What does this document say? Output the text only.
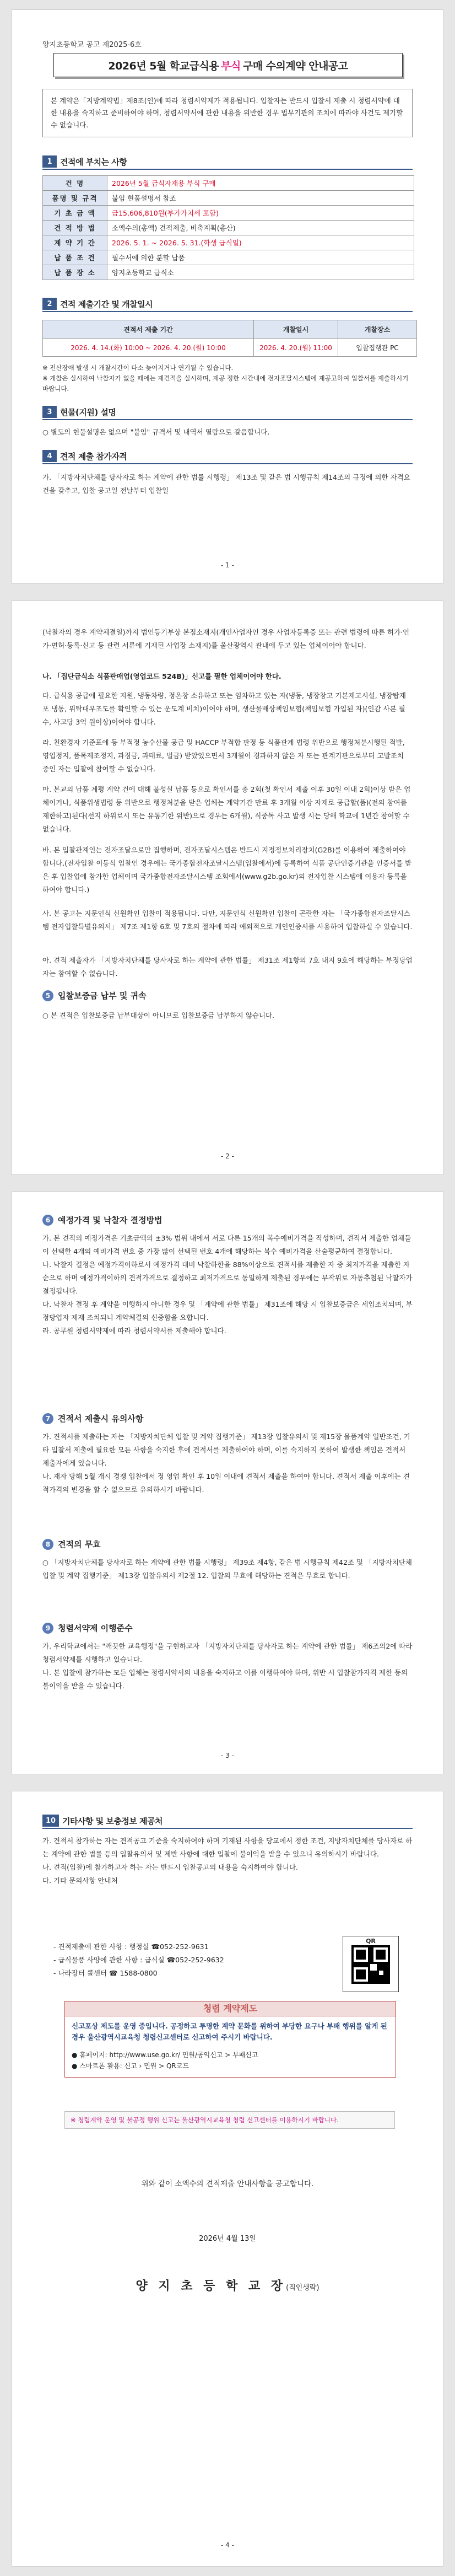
양지초등학교 공고 제2025-6호
2026년 5월 학교급식용 부식 구매 수의계약 안내공고
본 계약은「지방계약법」제8조(인)에 따라 청렴서약제가 적용됩니다. 입찰자는 반드시 입찰서 제출 시 청렴서약에 대한 내용을 숙지하고 준비하여야 하며, 청렴서약서에 관한 내용을 위반한 경우 법무기관의 조치에 따라야 사건도 제기할 수 없습니다.
1 견적에 부치는 사항
건 명	2026년 5월 급식자재용 부식 구매
품명 및 규격	붙임 현품설명서 참조
기 초 금 액	금15,606,810원(부가가치세 포함)
견 적 방 법	소액수의(총액) 견적제출, 비축계획(총산)
계 약 기 간	2026. 5. 1. ~ 2026. 5. 31.(학생 급식일)
납 품 조 건	필수서에 의한 분할 납품
납 품 장 소	양지초등학교 급식소
2 견적 제출기간 및 개찰일시
견적서 제출 기간	개찰일시	개찰장소
2026. 4. 14.(화) 10:00 ~ 2026. 4. 20.(월) 10:00	2026. 4. 20.(월) 11:00	입찰집행관 PC
※ 전산장애 발생 시 개찰시간이 다소 늦어지거나 연기될 수 있습니다.
※ 개찰은 실시하여 낙찰자가 없을 때에는 재견적을 실시하며, 재공 정한 시간내에 전자조달시스템에 재공고하여 입찰서를 제출하시기 바랍니다.
3 현물(지원) 설명
○ 별도의 현물설명은 없으며 "붙임" 규격서 및 내역서 열람으로 갈음합니다.
4 견적 제출 참가자격
가. 「지방자치단체를 당사자로 하는 계약에 관한 법률 시행령」 제13조 및 같은 법 시행규칙 제14조의 규정에 의한 자격요건을 갖추고, 입찰 공고일 전날부터 입찰일
- 1 -
(낙찰자의 경우 계약체결일)까지 법인등기부상 본점소재지(개인사업자인 경우 사업자등록증 또는 관련 법령에 따른 허가·인가·면허·등록·신고 등 관련 서류에 기재된 사업장 소재지)를 울산광역시 관내에 두고 있는 업체이어야 합니다.
나. 「집단급식소 식품판매업(영업코드 524B)」신고를 필한 업체이어야 한다.
다. 급식용 공급에 필요한 지원, 냉동차량, 정온창 소유하고 또는 임차하고 있는 자(냉동, 냉장창고 기본재고시설, 냉장탑재포 냉동, 위탁대우조도를 확인할 수 있는 운도계 비치)이어야 하며, 생산물배상책임보험(책임보험 가입된 자)(인감 사본 필수, 사고당 3억 원이상)이어야 합니다.
라. 친환경자 기준표에 등 부적정 농수산물 공급 및 HACCP 부적합 판정 등 식품관계 법령 위반으로 행정처분시행된 적발, 영업정지, 품목제조정지, 과징금, 과태료, 벌금) 받았었으면서 3개월이 경과하지 않은 자 또는 관계기관으로부터 고발조치 중인 자는 입찰에 참여할 수 없습니다.
마. 본교의 납품 계평 계약 건에 대해 불성실 납품 등으로 확인서를 총 2회(첫 확인서 제출 이후 30일 이내 2회)이상 받은 업체이거나, 식품위생법령 등 위반으로 행정처분을 받은 업체는 계약기간 만료 후 3개월 이상 자재로 공급할(품)(전의 참여를 제한하고)된다(선지 하위로시 또는 유통기한 위반)으로 경우는 6개월), 식중독 사고 발생 시는 당해 학교에 1년간 참여할 수 없습니다.
바. 본 입찰관계인는 전자조달으로만 집행하며, 전자조달시스템은 반드시 지정정보처리장치(G2B)를 이용하여 제출하여야 합니다.(전자입찰 이동식 입찰인 경우에는 국가종합전자조달시스템(입찰에서)에 등록하여 식품 공단인증기관을 인증서를 받은 후 입찰업에 참가한 업체이며 국가종합전자조달시스템 조회에서(www.g2b.go.kr)의 전자입찰 시스템에 이용자 등록을 하여야 합니다.)
사. 본 공고는 지문인식 신원확인 입찰이 적용됩니다. 다만, 지문인식 신원확인 입찰이 곤란한 자는 「국가종합전자조달시스템 전자입찰특별유의서」 제7조 제1항 6호 및 7호의 절차에 따라 예외적으로 개인인증서를 사용하여 입찰하실 수 있습니다.
아. 견적 제출자가 「지방자치단체를 당사자로 하는 계약에 관한 법률」 제31조 제1항의 7호 내지 9호에 해당하는 부정당업자는 참여할 수 없습니다.
5 입찰보증금 납부 및 귀속
○ 본 견적은 입찰보증금 납부대상이 아니므로 입찰보증금 납부하지 않습니다.
- 2 -
6 예정가격 및 낙찰자 결정방법
가. 본 견적의 예정가격은 기초금액의 ±3% 범위 내에서 서로 다른 15개의 복수예비가격을 작성하며, 견적서 제출한 업체들이 선택한 4개의 예비가격 번호 중 가장 많이 선택된 번호 4개에 해당하는 복수 예비가격을 산술평균하여 결정합니다.
나. 낙찰자 결정은 예정가격이하로서 예정가격 대비 낙찰하한율 88%이상으로 견적서를 제출한 자 중 최저가격을 제출한 자 순으로 하며 예정가격이하의 견적가격으로 결정하고 최저가격으로 동일하게 제출된 경우에는 무작위로 자동추첨된 낙찰자가 결정됩니다.
다. 낙찰자 결정 후 계약을 이행하지 아니한 경우 및 「계약에 관한 법률」 제31조에 해당 시 입찰보증금은 세입조치되며, 부정당업자 제재 조치되니 계약체결의 신중함을 요합니다.
라. 공무원 청렴서약제에 따라 청렴서약서를 제출해야 합니다.
7 견적서 제출시 유의사항
가. 견적서를 제출하는 자는 「지방자치단체 입찰 및 계약 집행기준」 제13장 입찰유의서 및 제15장 물품계약 일반조건, 기타 입찰서 제출에 필요한 모든 사항을 숙지한 후에 견적서를 제출하여야 하며, 이를 숙지하지 못하여 발생한 책임은 견적서 제출자에게 있습니다.
나. 재자 당해 5월 개시 경쟁 입찰에서 정 영업 확인 후 10일 이내에 견적서 제출을 하여야 합니다. 견적서 제출 이후에는 견적가격의 변경을 할 수 없으므로 유의하시기 바랍니다.
8 견적의 무효
○ 「지방자치단체를 당사자로 하는 계약에 관한 법률 시행령」 제39조 제4항, 같은 법 시행규칙 제42조 및 「지방자치단체 입찰 및 계약 집행기준」 제13장 입찰유의서 제2절 12. 입찰의 무효에 해당하는 견적은 무효로 합니다.
9 청렴서약제 이행준수
가. 우리학교에서는 "깨끗한 교육행정"을 구현하고자 「지방자치단체를 당사자로 하는 계약에 관한 법률」 제6조의2에 따라 청렴서약제를 시행하고 있습니다.
나. 본 입찰에 참가하는 모든 업체는 청렴서약서의 내용을 숙지하고 이를 이행하여야 하며, 위반 시 입찰참가자격 제한 등의 불이익을 받을 수 있습니다.
- 3 -
10 기타사항 및 보충정보 제공처
가. 견적서 참가하는 자는 견적공고 기준을 숙지하여야 하며 기재된 사항을 당교에서 정한 조건, 지방자치단체를 당사자로 하는 계약에 관한 법률 등의 입찰유의서 및 제반 사항에 대한 입찰에 불이익을 받을 수 있으니 유의하시기 바랍니다.
나. 견적(입찰)에 참가하고자 하는 자는 반드시 입찰공고의 내용을 숙지하여야 합니다.
다. 기타 문의사항 안내처
- 견적제출에 관한 사항 : 행정실 ☎052-252-9631
- 급식물품 사양에 관한 사항 : 급식실 ☎052-252-9632
- 나라장터 콜센터 ☎ 1588-0800
QR
청렴 계약제도
신고포상 제도를 운영 중입니다. 공정하고 투명한 계약 문화를 위하여 부당한 요구나 부패 행위를 알게 된 경우 울산광역시교육청 청렴신고센터로 신고하여 주시기 바랍니다.
● 홈페이지: http://www.use.go.kr/ 민원/공익신고 > 부패신고
● 스마트폰 활용: 신고 › 민원 > QR코드
※ 청렴계약 운영 및 불공정 행위 신고는 울산광역시교육청 청렴 신고센터를 이용하시기 바랍니다.
위와 같이 소액수의 견적제출 안내사항을 공고합니다.
2026년 4월 13일
양 지 초 등 학 교 장(직인생략)
- 4 -
